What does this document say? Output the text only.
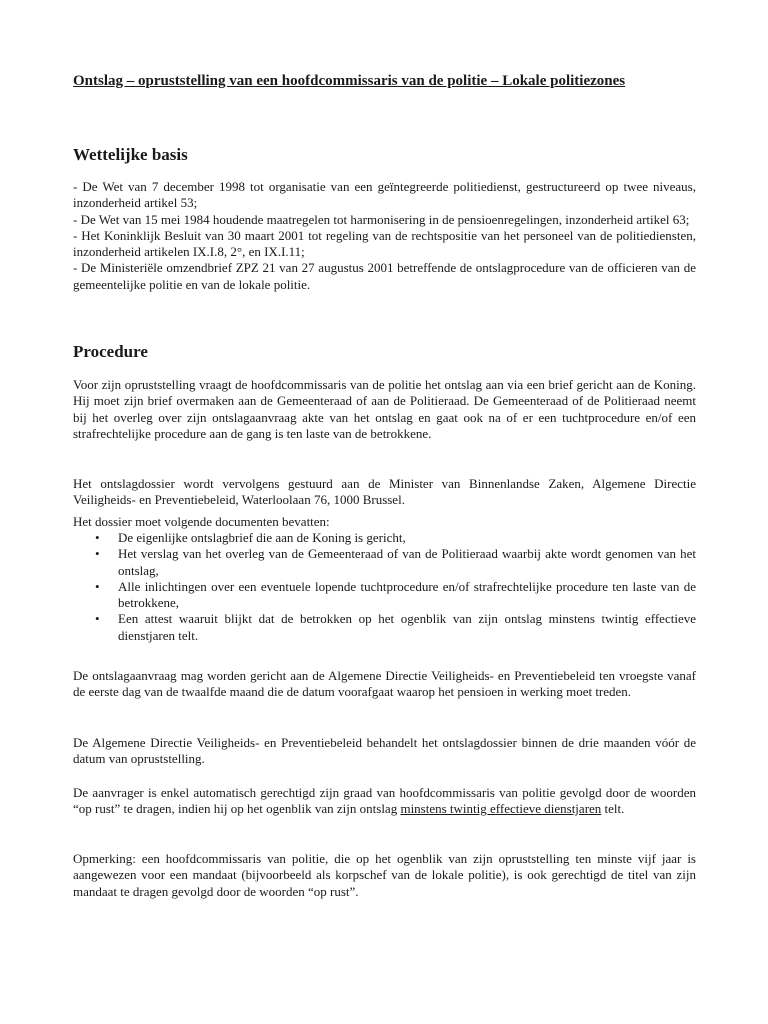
Ontslag – opruststelling van een hoofdcommissaris van de politie – Lokale politiezones
Wettelijke basis

- De Wet van 7 december 1998 tot organisatie van een geïntegreerde politiedienst, gestructureerd op twee niveaus, inzonderheid artikel 53;

- De Wet van 15 mei 1984 houdende maatregelen tot harmonisering in de pensioenregelingen, inzonderheid artikel 63;

- Het Koninklijk Besluit van 30 maart 2001 tot regeling van de rechtspositie van het personeel van de politiediensten, inzonderheid artikelen IX.I.8, 2°, en IX.I.11;

- De Ministeriële omzendbrief ZPZ 21 van 27 augustus 2001 betreffende de ontslagprocedure van de officieren van de gemeentelijke politie en van de lokale politie.

Procedure

Voor zijn opruststelling vraagt de hoofdcommissaris van de politie het ontslag aan via een brief gericht aan de Koning. Hij moet zijn brief overmaken aan de Gemeenteraad of aan de Politieraad. De Gemeenteraad of de Politieraad neemt bij het overleg over zijn ontslagaanvraag akte van het ontslag en gaat ook na of er een tuchtprocedure en/of een strafrechtelijke procedure aan de gang is ten laste van de betrokkene.

Het ontslagdossier wordt vervolgens gestuurd aan de Minister van Binnenlandse Zaken, Algemene Directie Veiligheids- en Preventiebeleid, Waterloolaan 76, 1000 Brussel.

Het dossier moet volgende documenten bevatten:

• De eigenlijke ontslagbrief die aan de Koning is gericht,
• Het verslag van het overleg van de Gemeenteraad of van de Politieraad waarbij akte wordt genomen van het ontslag,
• Alle inlichtingen over een eventuele lopende tuchtprocedure en/of strafrechtelijke procedure ten laste van de betrokkene,
• Een attest waaruit blijkt dat de betrokken op het ogenblik van zijn ontslag minstens twintig effectieve dienstjaren telt.

De ontslagaanvraag mag worden gericht aan de Algemene Directie Veiligheids- en Preventiebeleid ten vroegste vanaf de eerste dag van de twaalfde maand die de datum voorafgaat waarop het pensioen in werking moet treden.

De Algemene Directie Veiligheids- en Preventiebeleid behandelt het ontslagdossier binnen de drie maanden vóór de datum van opruststelling.

De aanvrager is enkel automatisch gerechtigd zijn graad van hoofdcommissaris van politie gevolgd door de woorden “op rust” te dragen, indien hij op het ogenblik van zijn ontslag minstens twintig effectieve dienstjaren telt.

Opmerking: een hoofdcommissaris van politie, die op het ogenblik van zijn opruststelling ten minste vijf jaar is aangewezen voor een mandaat (bijvoorbeeld als korpschef van de lokale politie), is ook gerechtigd de titel van zijn mandaat te dragen gevolgd door de woorden “op rust”.
